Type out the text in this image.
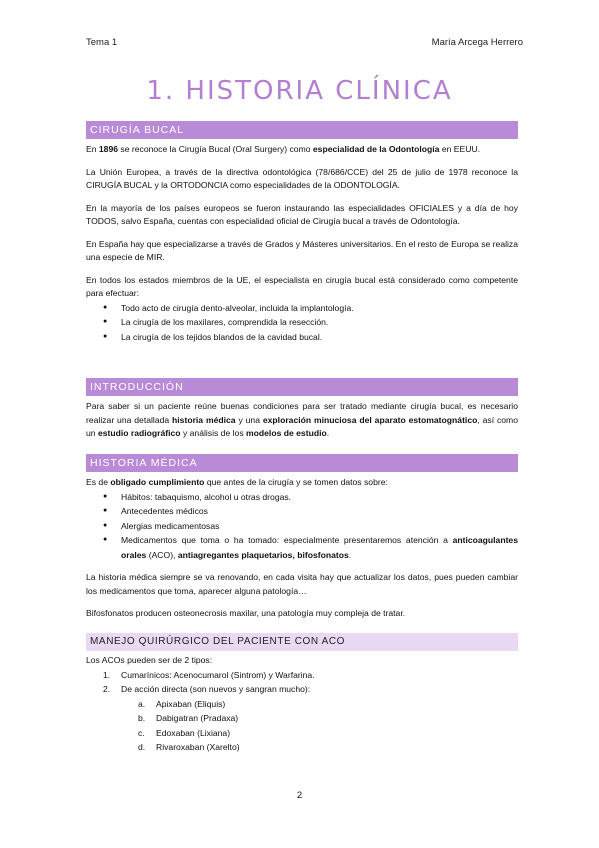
Tema 1	María Arcega Herrero
1. HISTORIA CLÍNICA
CIRUGÍA BUCAL

En 1896 se reconoce la Cirugía Bucal (Oral Surgery) como especialidad de la Odontología en EEUU.

La Unión Europea, a través de la directiva odontológica (78/686/CCE) del 25 de julio de 1978 reconoce la CIRUGÍA BUCAL y la ORTODONCIA como especialidades de la ODONTOLOGÍA.

En la mayoría de los países europeos se fueron instaurando las especialidades OFICIALES y a día de hoy TODOS, salvo España, cuentas con especialidad oficial de Cirugía bucal a través de Odontología.

En España hay que especializarse a través de Grados y Másteres universitarios. En el resto de Europa se realiza una especie de MIR.

En todos los estados miembros de la UE, el especialista en cirugía bucal está considerado como competente para efectuar:

● Todo acto de cirugía dento-alveolar, incluida la implantología.
● La cirugía de los maxilares, comprendida la resección.
● La cirugía de los tejidos blandos de la cavidad bucal.
INTRODUCCIÓN

Para saber si un paciente reúne buenas condiciones para ser tratado mediante cirugía bucal, es necesario realizar una detallada historia médica y una exploración minuciosa del aparato estomatognático, así como un estudio radiográfico y análisis de los modelos de estudio.

HISTORIA MÉDICA

Es de obligado cumplimiento que antes de la cirugía y se tomen datos sobre:

● Hábitos: tabaquismo, alcohol u otras drogas.
● Antecedentes médicos
● Alergias medicamentosas
● Medicamentos que toma o ha tomado: especialmente presentaremos atención a anticoagulantes orales (ACO), antiagregantes plaquetarios, bifosfonatos.

La historia médica siempre se va renovando, en cada visita hay que actualizar los datos, pues pueden cambiar los medicamentos que toma, aparecer alguna patología…

Bifosfonatos producen osteonecrosis maxilar, una patología muy compleja de tratar.

MANEJO QUIRÚRGICO DEL PACIENTE CON ACO

Los ACOs pueden ser de 2 tipos:

1. Cumarínicos: Acenocumarol (Sintrom) y Warfarina.
2. De acción directa (son nuevos y sangran mucho):
a. Apixaban (Eliquis)
b. Dabigatran (Pradaxa)
c. Edoxaban (Lixiana)
d. Rivaroxaban (Xarelto)
2
